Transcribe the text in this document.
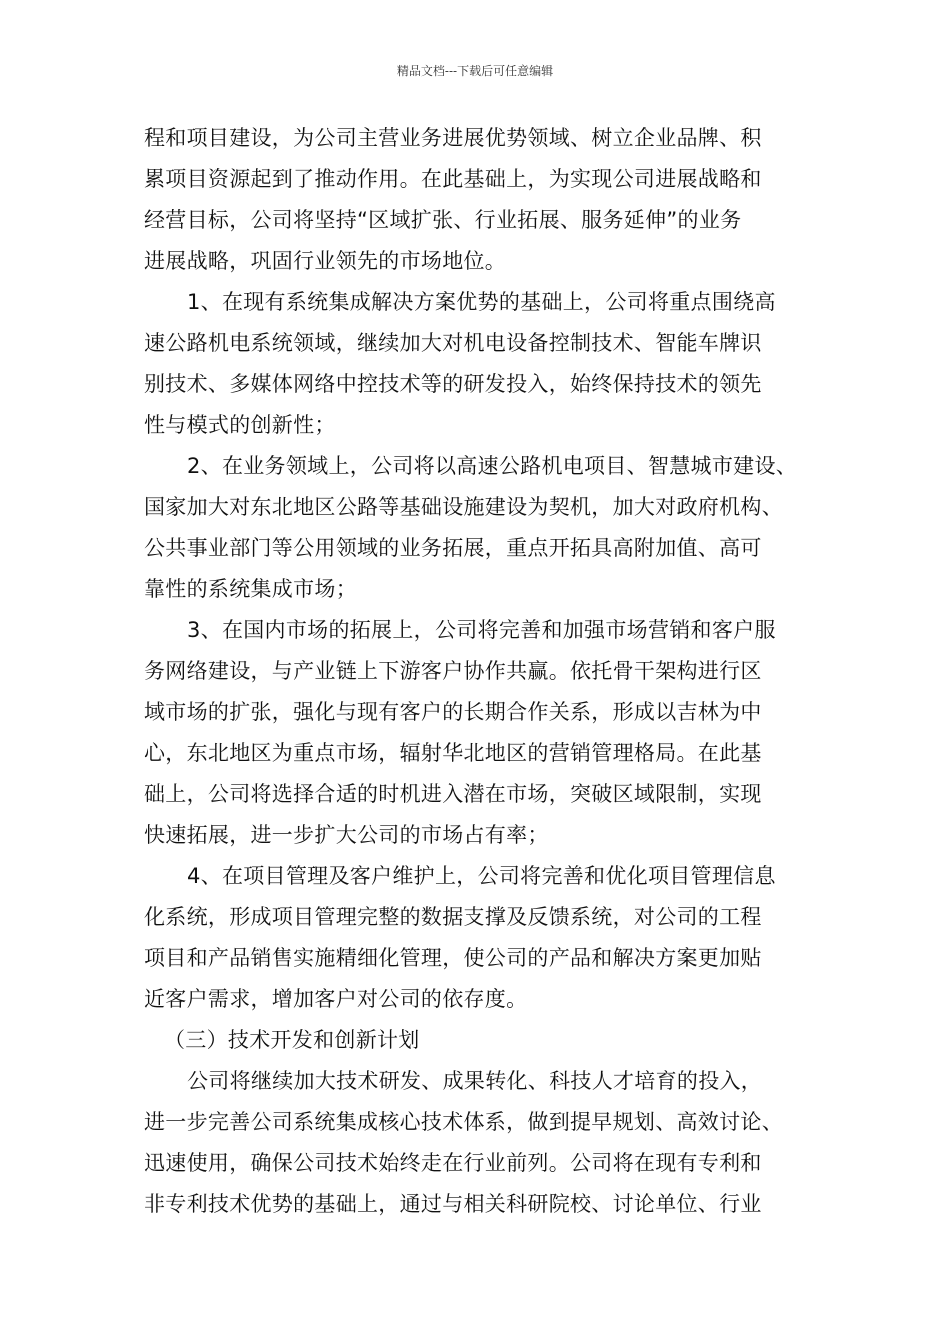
精品文档---下载后可任意编辑
程和项目建设，为公司主营业务进展优势领域、树立企业品牌、积
累项目资源起到了推动作用。在此基础上，为实现公司进展战略和
经营目标，公司将坚持“区域扩张、行业拓展、服务延伸”的业务
进展战略，巩固行业领先的市场地位。
1、在现有系统集成解决方案优势的基础上，公司将重点围绕高
速公路机电系统领域，继续加大对机电设备控制技术、智能车牌识
别技术、多媒体网络中控技术等的研发投入，始终保持技术的领先
性与模式的创新性；
2、在业务领域上，公司将以高速公路机电项目、智慧城市建设、
国家加大对东北地区公路等基础设施建设为契机，加大对政府机构、
公共事业部门等公用领域的业务拓展，重点开拓具高附加值、高可
靠性的系统集成市场；
3、在国内市场的拓展上，公司将完善和加强市场营销和客户服
务网络建设，与产业链上下游客户协作共赢。依托骨干架构进行区
域市场的扩张，强化与现有客户的长期合作关系，形成以吉林为中
心，东北地区为重点市场，辐射华北地区的营销管理格局。在此基
础上，公司将选择合适的时机进入潜在市场，突破区域限制，实现
快速拓展，进一步扩大公司的市场占有率；
4、在项目管理及客户维护上，公司将完善和优化项目管理信息
化系统，形成项目管理完整的数据支撑及反馈系统，对公司的工程
项目和产品销售实施精细化管理，使公司的产品和解决方案更加贴
近客户需求，增加客户对公司的依存度。
（三）技术开发和创新计划
公司将继续加大技术研发、成果转化、科技人才培育的投入，
进一步完善公司系统集成核心技术体系，做到提早规划、高效讨论、
迅速使用，确保公司技术始终走在行业前列。公司将在现有专利和
非专利技术优势的基础上，通过与相关科研院校、讨论单位、行业
